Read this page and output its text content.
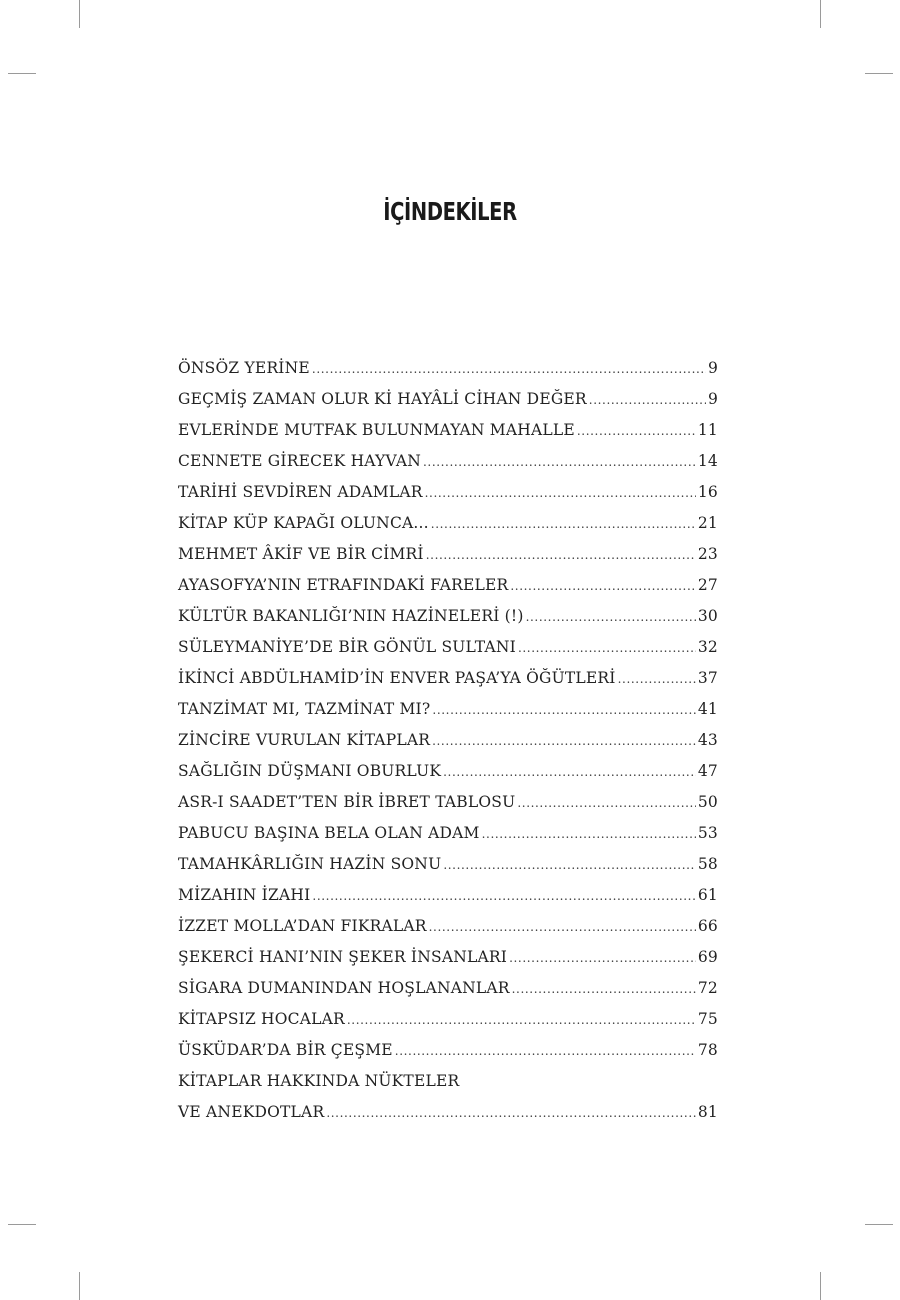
İÇİNDEKİLER
ÖNSÖZ YERİNE .....	9
GEÇMİŞ ZAMAN OLUR Kİ HAYÂLİ CİHAN DEĞER .....	9
EVLERİNDE MUTFAK BULUNMAYAN MAHALLE .....	11
CENNETE GİRECEK HAYVAN .....	14
TARİHİ SEVDİREN ADAMLAR .....	16
KİTAP KÜP KAPAĞI OLUNCA... .....	21
MEHMET ÂKİF VE BİR CİMRİ .....	23
AYASOFYA’NIN ETRAFINDAKİ FARELER .....	27
KÜLTÜR BAKANLIĞI’NIN HAZİNELERİ (!) .....	30
SÜLEYMANİYE’DE BİR GÖNÜL SULTANI .....	32
İKİNCİ ABDÜLHAMİD’İN ENVER PAŞA’YA ÖĞÜTLERİ .....	37
TANZİMAT MI, TAZMİNAT MI? .....	41
ZİNCİRE VURULAN KİTAPLAR .....	43
SAĞLIĞIN DÜŞMANI OBURLUK .....	47
ASR-I SAADET’TEN BİR İBRET TABLOSU .....	50
PABUCU BAŞINA BELA OLAN ADAM .....	53
TAMAHKÂRLIĞIN HAZİN SONU .....	58
MİZAHIN İZAHI .....	61
İZZET MOLLA’DAN FIKRALAR .....	66
ŞEKERCİ HANI’NIN ŞEKER İNSANLARI .....	69
SİGARA DUMANINDAN HOŞLANANLAR .....	72
KİTAPSIZ HOCALAR .....	75
ÜSKÜDAR’DA BİR ÇEŞME .....	78
KİTAPLAR HAKKINDA NÜKTELER
VE ANEKDOTLAR .....	81
